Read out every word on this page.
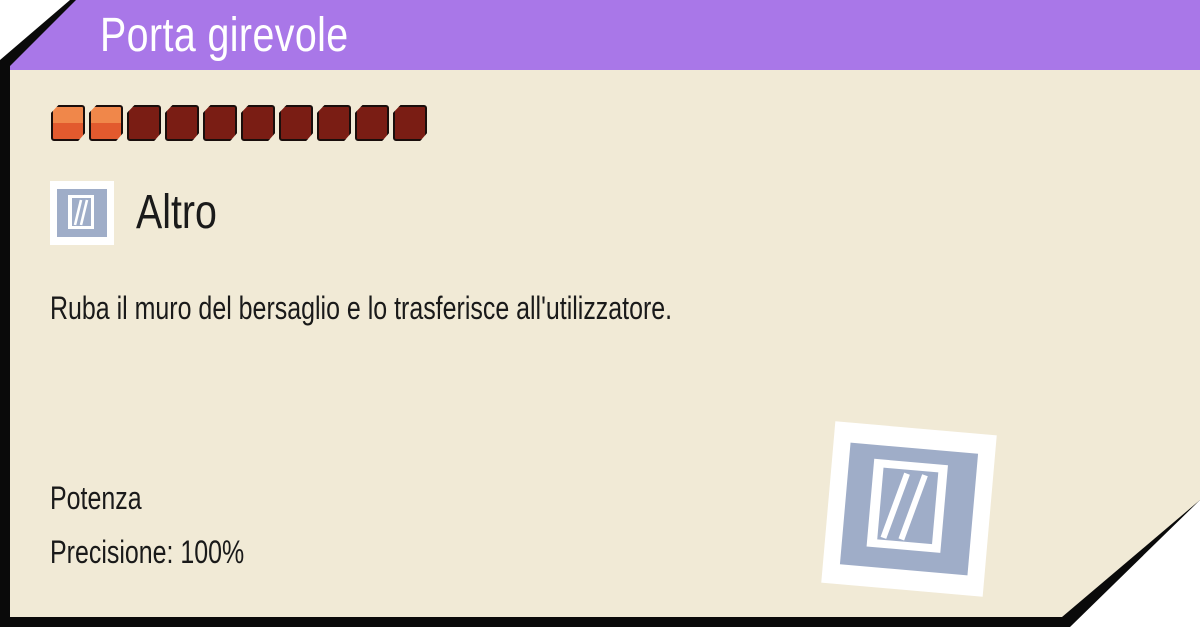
Porta girevole
Altro
Ruba il muro del bersaglio e lo trasferisce all'utilizzatore.
Potenza
Precisione: 100%
